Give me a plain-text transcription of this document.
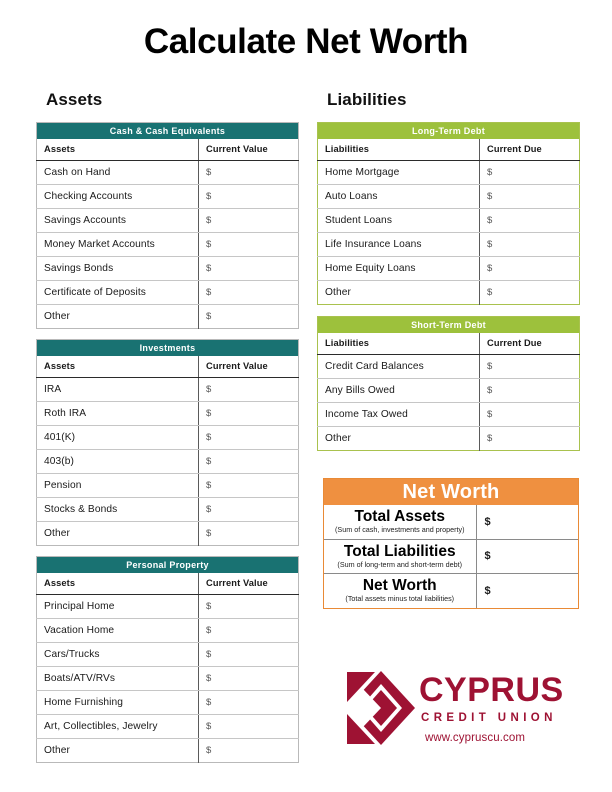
Calculate Net Worth
Assets	Liabilities
Cash & Cash Equivalents	
Assets	Current Value
Cash on Hand	$
Checking Accounts	$
Savings Accounts	$
Money Market Accounts	$
Savings Bonds	$
Certificate of Deposits	$
Other	$
Investments	
Assets	Current Value
IRA	$
Roth IRA	$
401(K)	$
403(b)	$
Pension	$
Stocks & Bonds	$
Other	$
Personal Property	
Assets	Current Value
Principal Home	$
Vacation Home	$
Cars/Trucks	$
Boats/ATV/RVs	$
Home Furnishing	$
Art, Collectibles, Jewelry	$
Other	$
Long-Term Debt	
Liabilities	Current Due
Home Mortgage	$
Auto Loans	$
Student Loans	$
Life Insurance Loans	$
Home Equity Loans	$
Other	$
Short-Term Debt	
Liabilities	Current Due
Credit Card Balances	$
Any Bills Owed	$
Income Tax Owed	$
Other	$
Net Worth
Total Assets
(Sum of cash, investments and property)	$

Total Liabilities
(Sum of long-term and short-term debt)	$

Net Worth
(Total assets minus total liabilities)	$
CYPRUS
CREDIT UNION
www.cypruscu.com
